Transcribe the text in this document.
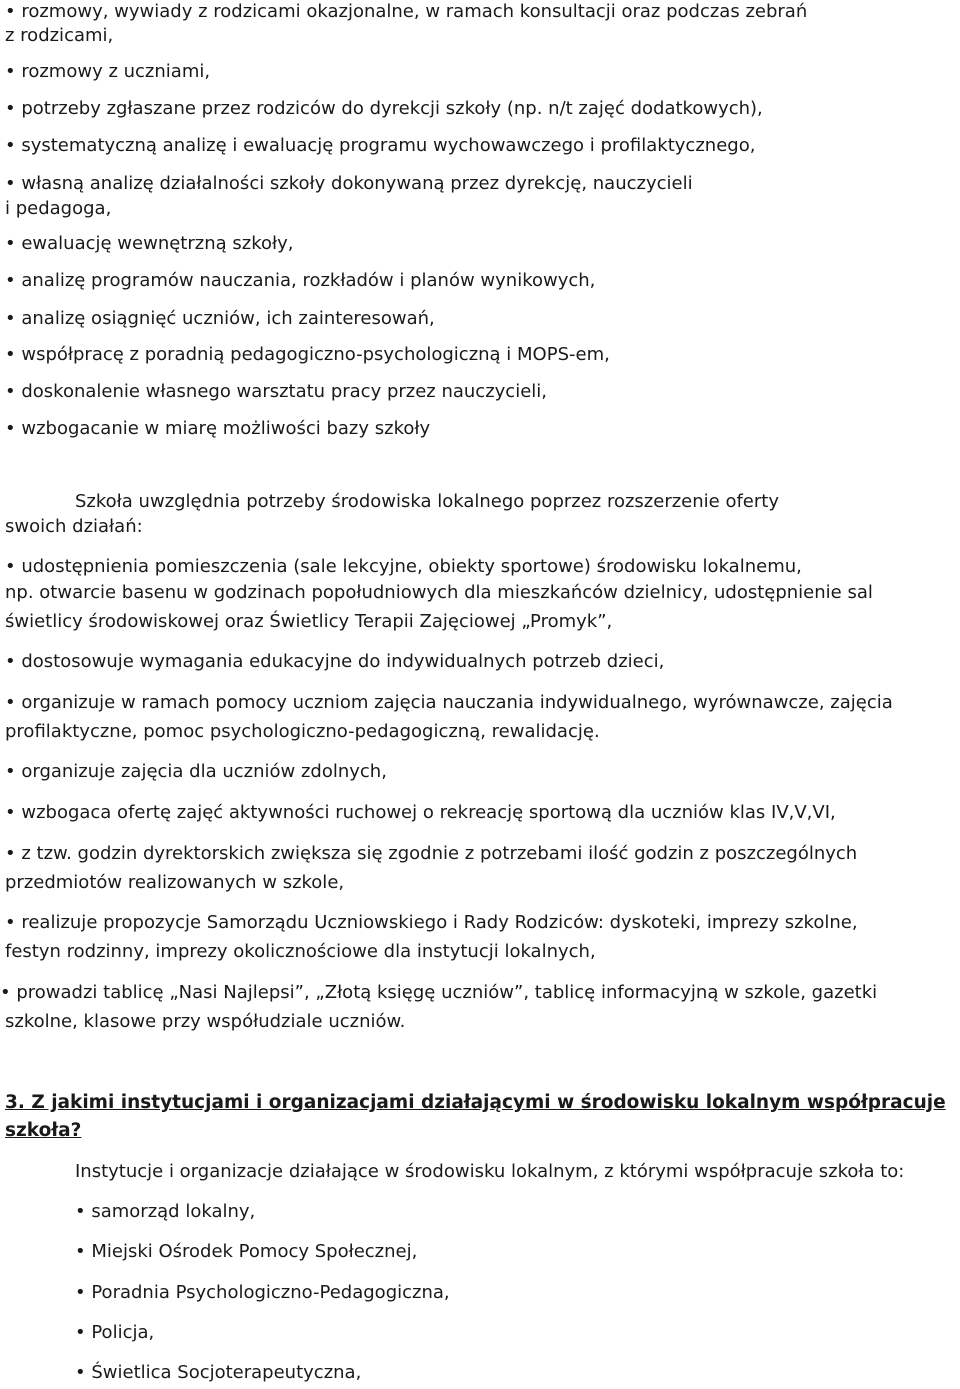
• rozmowy, wywiady z rodzicami okazjonalne, w ramach konsultacji oraz podczas zebrań
z rodzicami,
• rozmowy z uczniami,
• potrzeby zgłaszane przez rodziców do dyrekcji szkoły (np. n/t zajęć dodatkowych),
• systematyczną analizę i ewaluację programu wychowawczego i profilaktycznego,
• własną analizę działalności szkoły dokonywaną przez dyrekcję, nauczycieli
i pedagoga,
• ewaluację wewnętrzną szkoły,
• analizę programów nauczania, rozkładów i planów wynikowych,
• analizę osiągnięć uczniów, ich zainteresowań,
• współpracę z poradnią pedagogiczno-psychologiczną i MOPS-em,
• doskonalenie własnego warsztatu pracy przez nauczycieli,
• wzbogacanie w miarę możliwości bazy szkoły
Szkoła uwzględnia potrzeby środowiska lokalnego poprzez rozszerzenie oferty
swoich działań:
• udostępnienia pomieszczenia (sale lekcyjne, obiekty sportowe) środowisku lokalnemu,
np. otwarcie basenu w godzinach popołudniowych dla mieszkańców dzielnicy, udostępnienie sal
świetlicy środowiskowej oraz Świetlicy Terapii Zajęciowej „Promyk”,
• dostosowuje wymagania edukacyjne do indywidualnych potrzeb dzieci,
• organizuje w ramach pomocy uczniom zajęcia nauczania indywidualnego, wyrównawcze, zajęcia
profilaktyczne, pomoc psychologiczno-pedagogiczną, rewalidację.
• organizuje zajęcia dla uczniów zdolnych,
• wzbogaca ofertę zajęć aktywności ruchowej o rekreację sportową dla uczniów klas IV,V,VI,
• z tzw. godzin dyrektorskich zwiększa się zgodnie z potrzebami ilość godzin z poszczególnych
przedmiotów realizowanych w szkole,
• realizuje propozycje Samorządu Uczniowskiego i Rady Rodziców: dyskoteki, imprezy szkolne,
festyn rodzinny, imprezy okolicznościowe dla instytucji lokalnych,
• prowadzi tablicę „Nasi Najlepsi”, „Złotą księgę uczniów”, tablicę informacyjną w szkole, gazetki
szkolne, klasowe przy współudziale uczniów.
3. Z jakimi instytucjami i organizacjami działającymi w środowisku lokalnym współpracuje
szkoła?
Instytucje i organizacje działające w środowisku lokalnym, z którymi współpracuje szkoła to:
• samorząd lokalny,
• Miejski Ośrodek Pomocy Społecznej,
• Poradnia Psychologiczno-Pedagogiczna,
• Policja,
• Świetlica Socjoterapeutyczna,
